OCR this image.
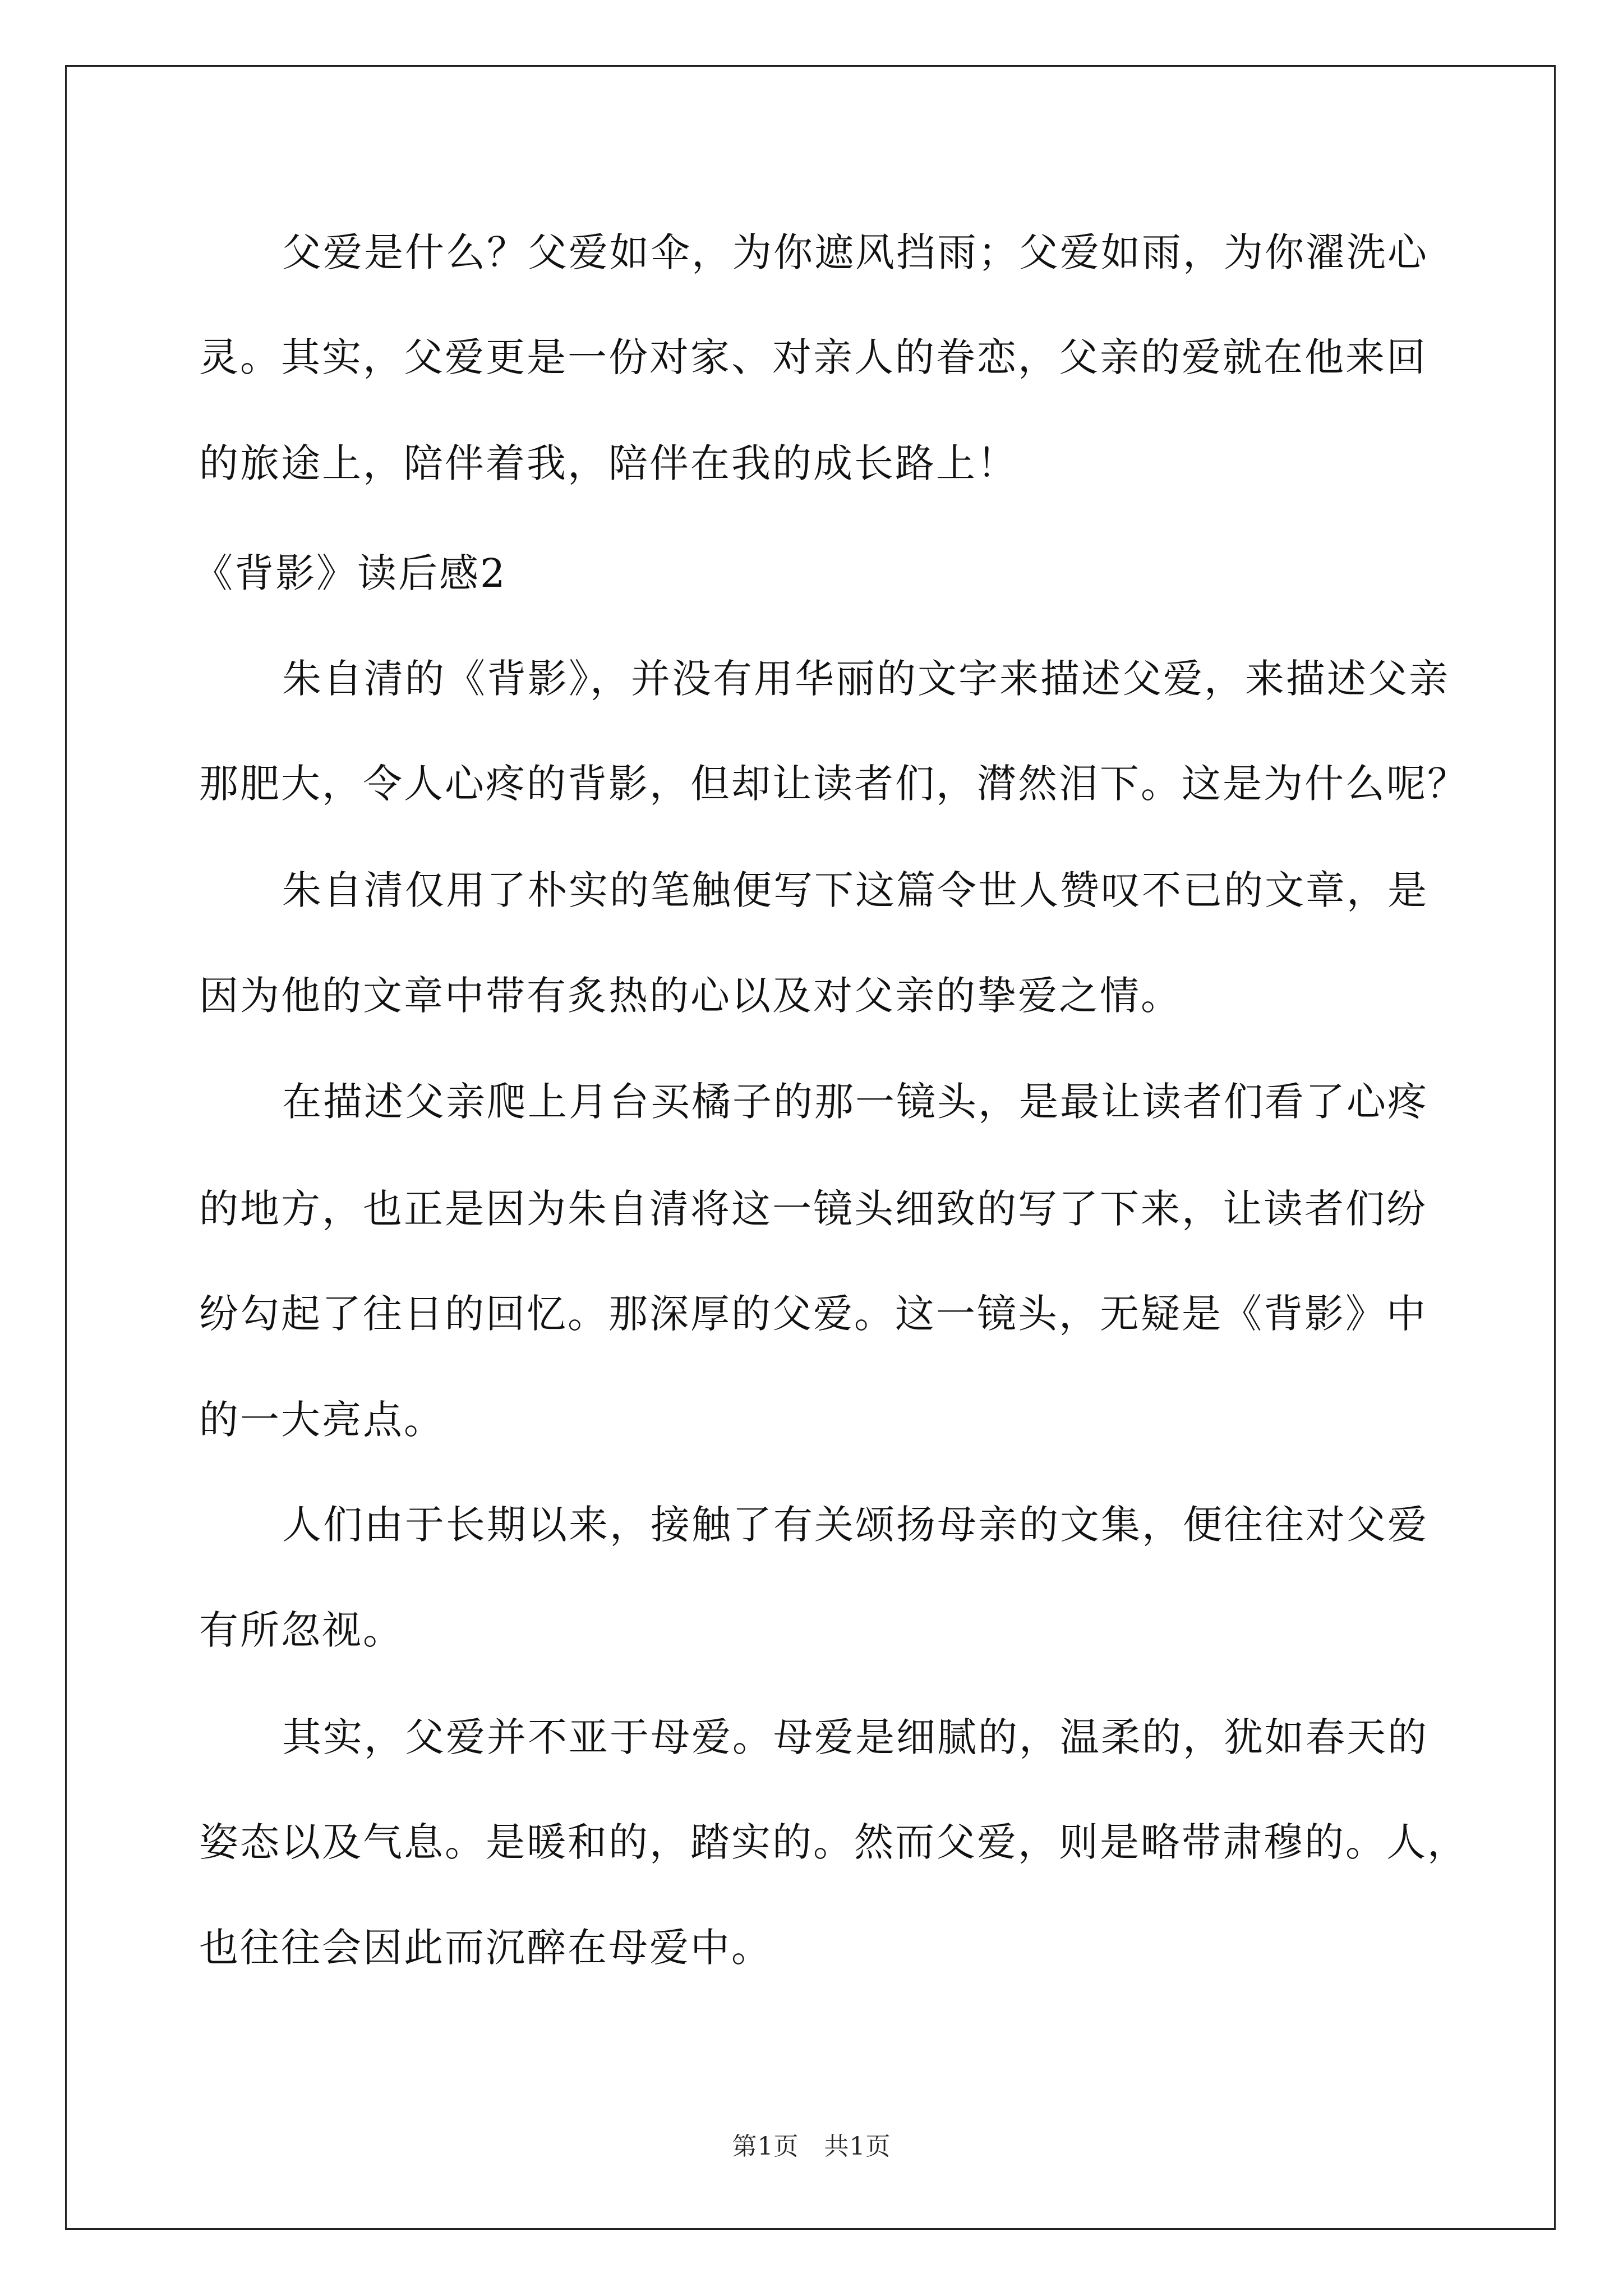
父爱是什么？父爱如伞，为你遮风挡雨；父爱如雨，为你濯洗心
灵。其实，父爱更是一份对家、对亲人的眷恋，父亲的爱就在他来回
的旅途上，陪伴着我，陪伴在我的成长路上！
《背影》读后感2
朱自清的《背影》，并没有用华丽的文字来描述父爱，来描述父亲
那肥大，令人心疼的背影，但却让读者们，潸然泪下。这是为什么呢？
朱自清仅用了朴实的笔触便写下这篇令世人赞叹不已的文章，是
因为他的文章中带有炙热的心以及对父亲的挚爱之情。
在描述父亲爬上月台买橘子的那一镜头，是最让读者们看了心疼
的地方，也正是因为朱自清将这一镜头细致的写了下来，让读者们纷
纷勾起了往日的回忆。那深厚的父爱。这一镜头，无疑是《背影》中
的一大亮点。
人们由于长期以来，接触了有关颂扬母亲的文集，便往往对父爱
有所忽视。
其实，父爱并不亚于母爱。母爱是细腻的，温柔的，犹如春天的
姿态以及气息。是暖和的，踏实的。然而父爱，则是略带肃穆的。人，
也往往会因此而沉醉在母爱中。
第1页　共1页
